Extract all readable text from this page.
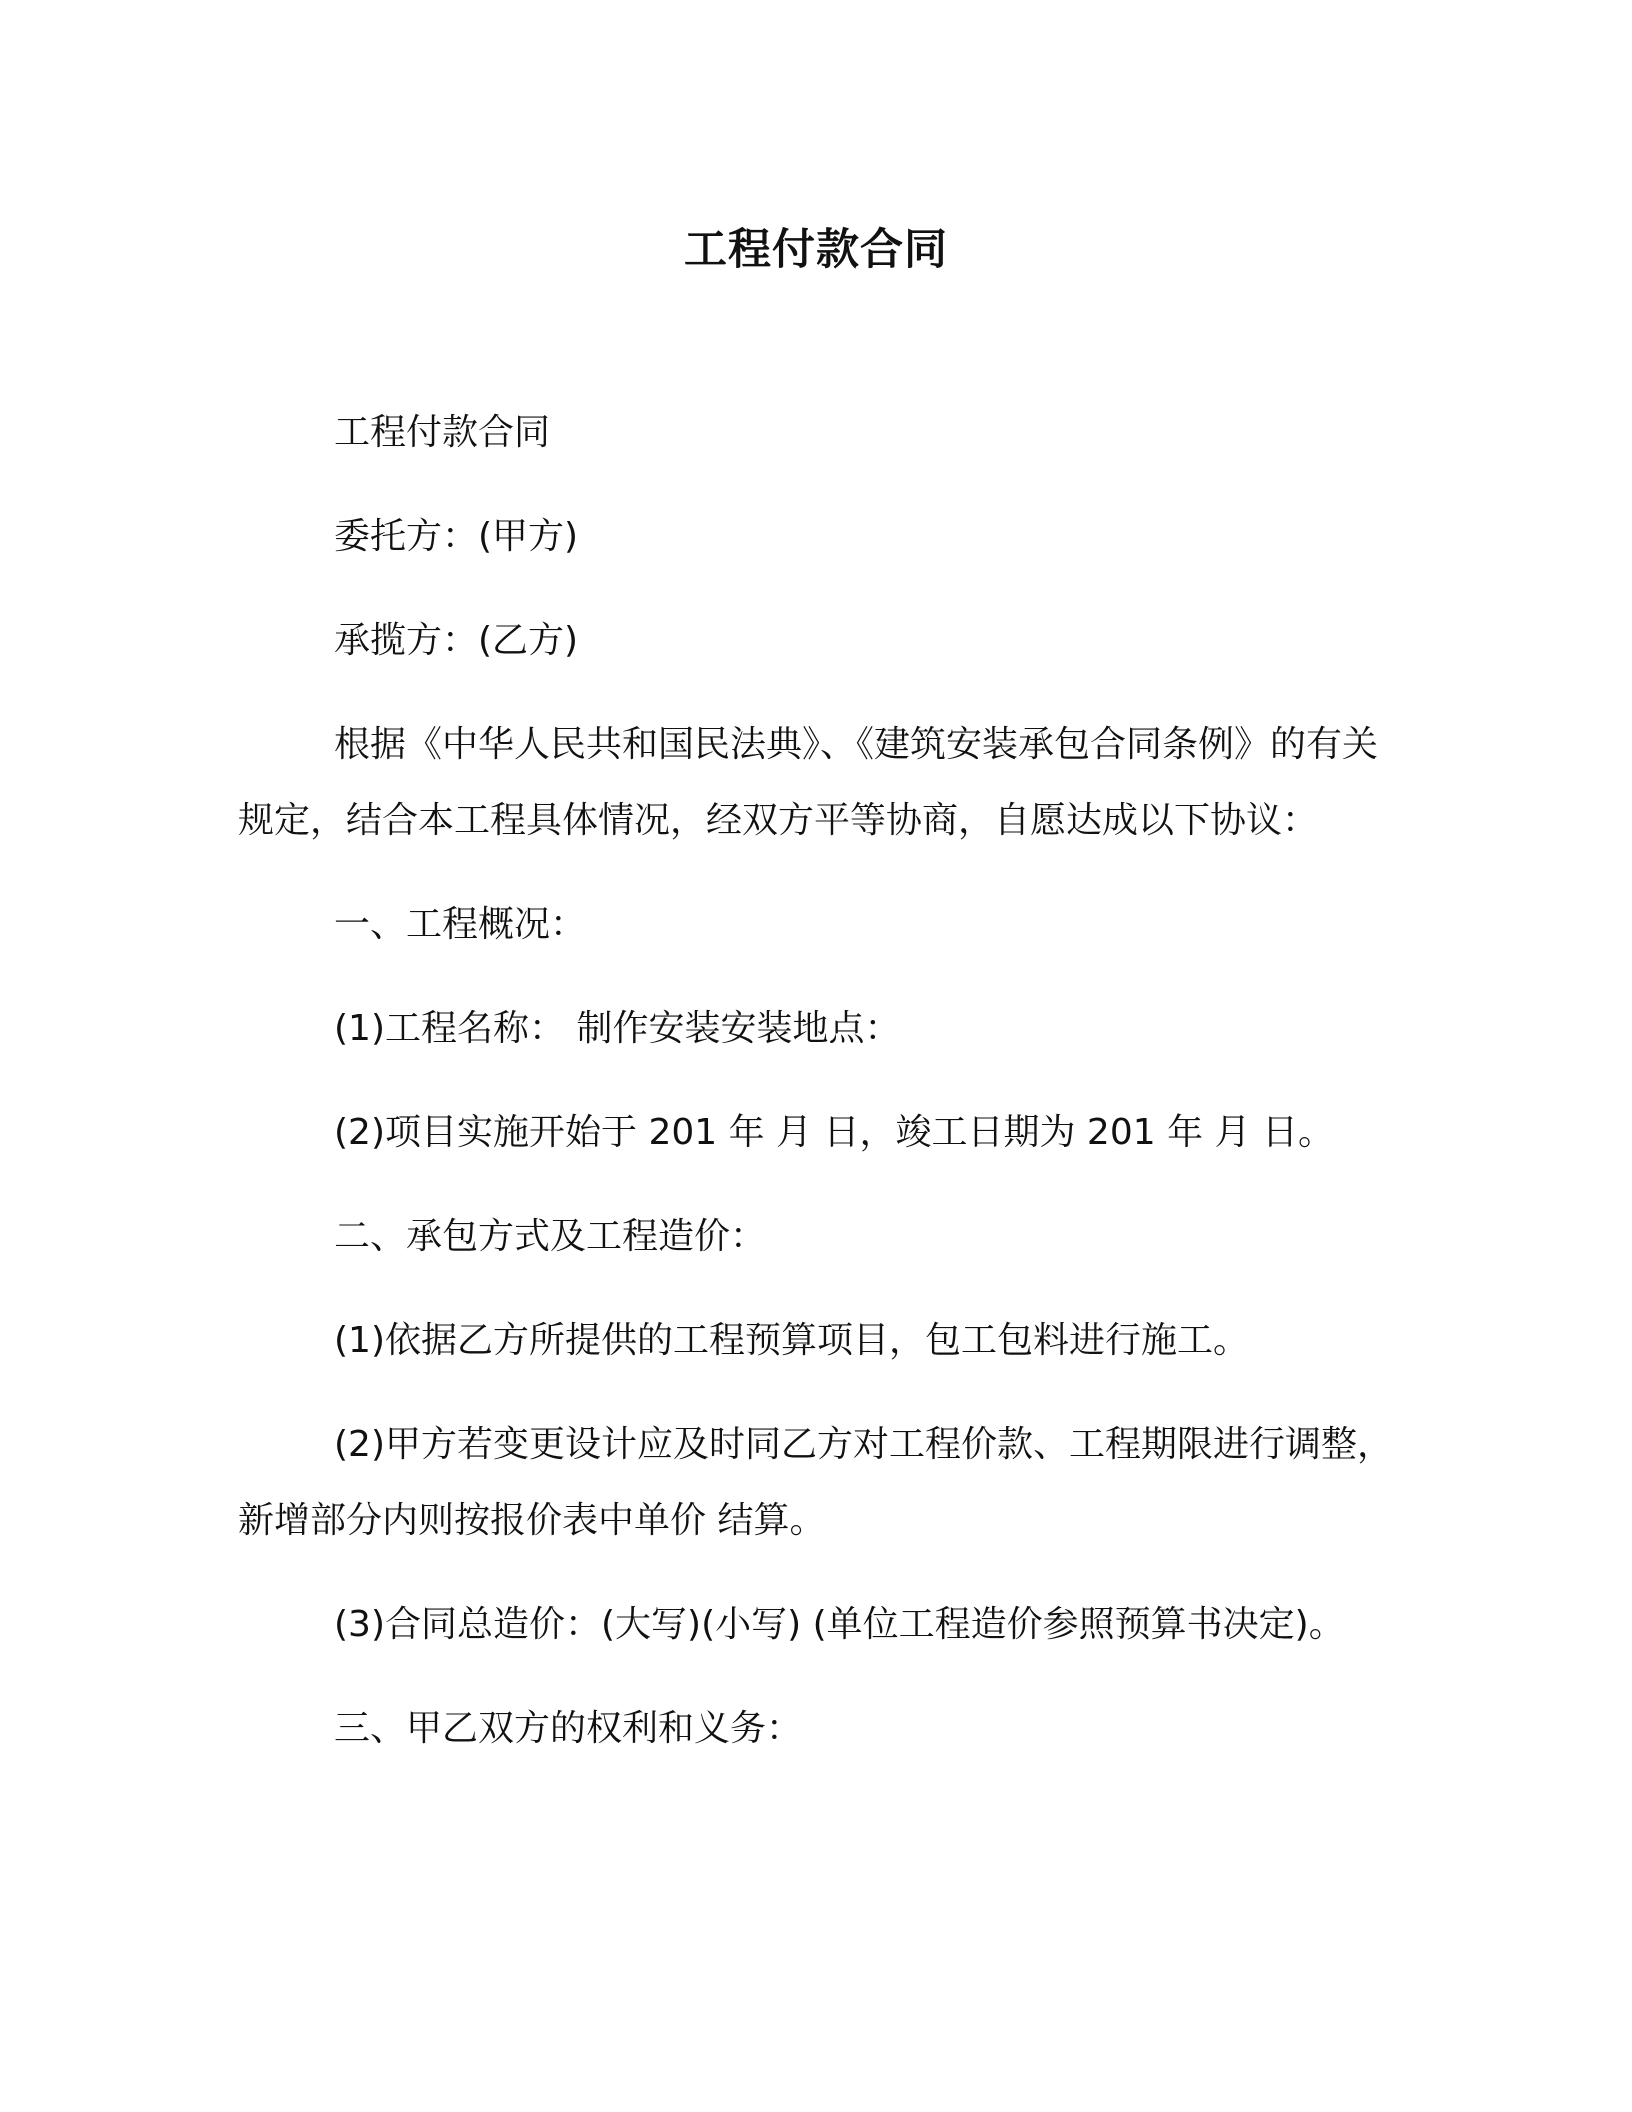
工程付款合同

工程付款合同

委托方：(甲方)

承揽方：(乙方)

根据《中华人民共和国民法典》、《建筑安装承包合同条例》的有关规定，结合本工程具体情况，经双方平等协商，自愿达成以下协议：

一、工程概况：

(1)工程名称： 制作安装安装地点：

(2)项目实施开始于 201 年 月 日，竣工日期为 201 年 月 日。

二、承包方式及工程造价：

(1)依据乙方所提供的工程预算项目，包工包料进行施工。

(2)甲方若变更设计应及时同乙方对工程价款、工程期限进行调整，新增部分内则按报价表中单价 结算。

(3)合同总造价：(大写)(小写) (单位工程造价参照预算书决定)。

三、甲乙双方的权利和义务：
